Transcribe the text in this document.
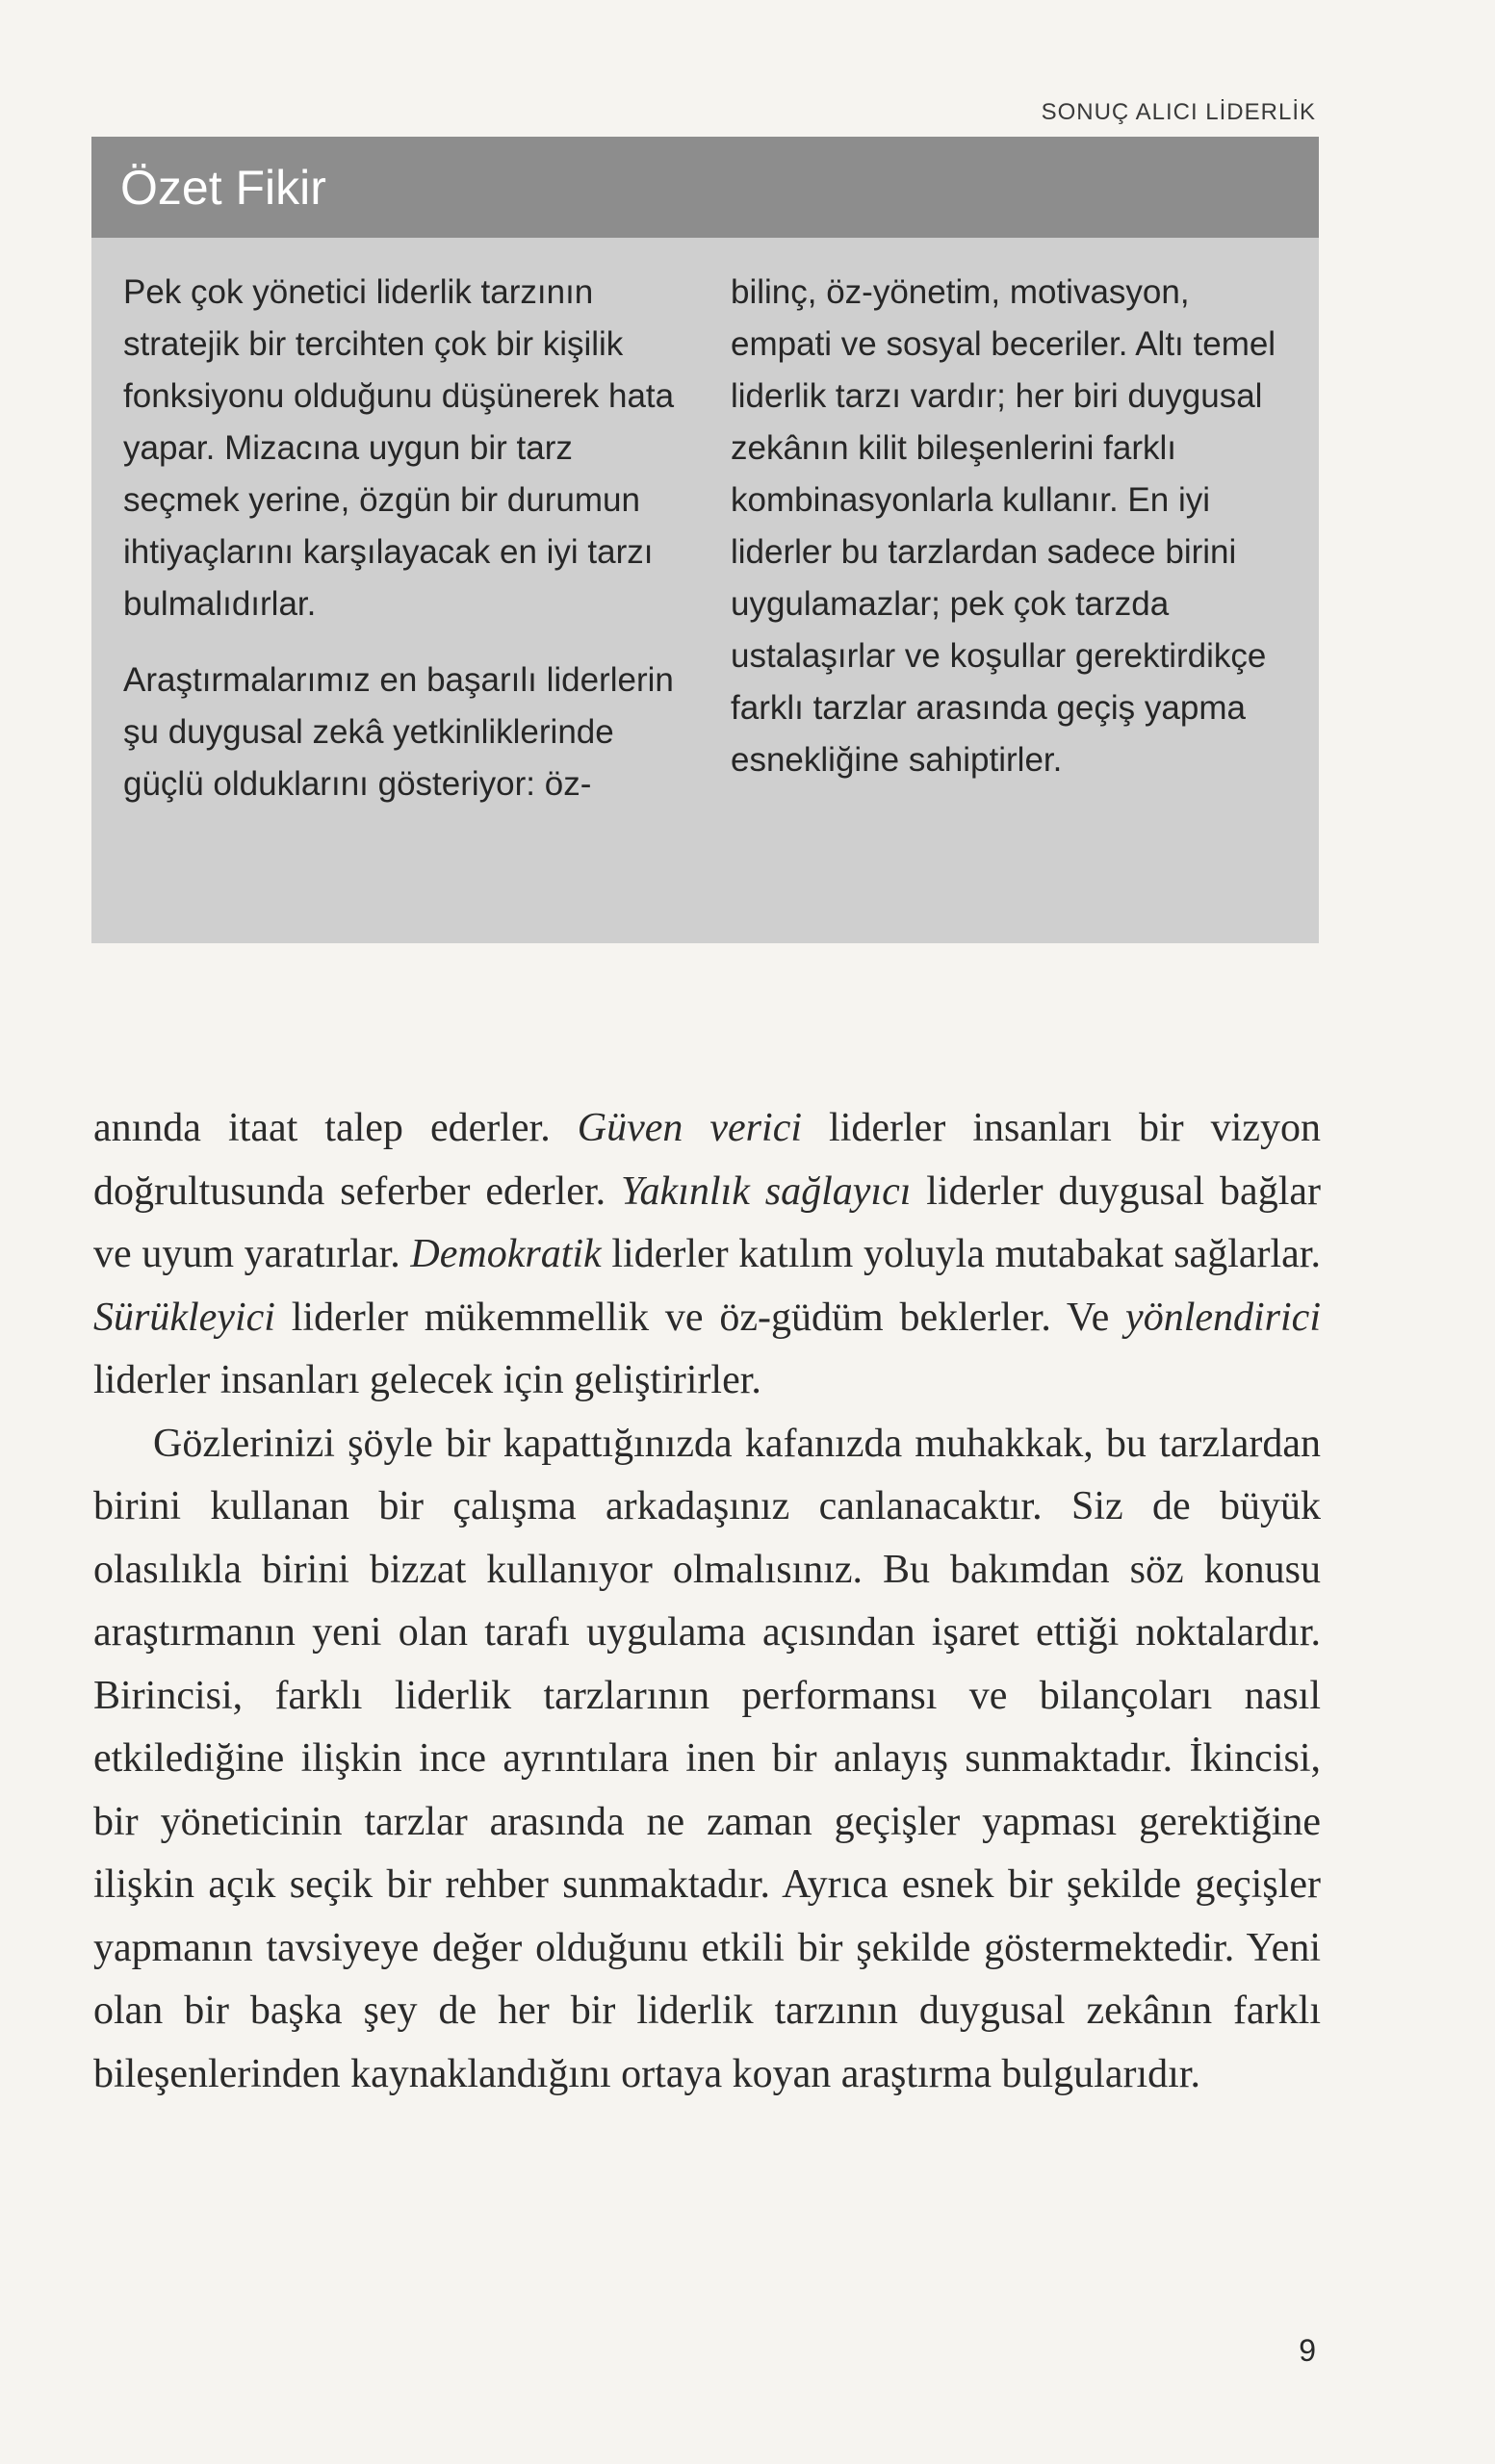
SONUÇ ALICI LİDERLİK
Özet Fikir

Pek çok yönetici liderlik tarzının stratejik bir tercihten çok bir kişilik fonksiyonu olduğunu düşünerek hata yapar. Mizacına uygun bir tarz seçmek yerine, özgün bir durumun ihtiyaçlarını karşılayacak en iyi tarzı bulmalıdırlar.

Araştırmalarımız en başarılı liderlerin şu duygusal zekâ yetkinliklerinde güçlü olduklarını gösteriyor: öz-

bilinç, öz-yönetim, motivasyon, empati ve sosyal beceriler. Altı temel liderlik tarzı vardır; her biri duygusal zekânın kilit bileşenlerini farklı kombinasyonlarla kullanır. En iyi liderler bu tarzlardan sadece birini uygulamazlar; pek çok tarzda ustalaşırlar ve koşullar gerektirdikçe farklı tarzlar arasında geçiş yapma esnekliğine sahiptirler.

anında itaat talep ederler. Güven verici liderler insanları bir vizyon doğrultusunda seferber ederler. Yakınlık sağlayıcı liderler duygusal bağlar ve uyum yaratırlar. Demokratik liderler katılım yoluyla mutabakat sağlarlar. Sürükleyici liderler mükemmellik ve öz-güdüm beklerler. Ve yönlendirici liderler insanları gelecek için geliştirirler.

Gözlerinizi şöyle bir kapattığınızda kafanızda muhakkak, bu tarzlardan birini kullanan bir çalışma arkadaşınız canlanacaktır. Siz de büyük olasılıkla birini bizzat kullanıyor olmalısınız. Bu bakımdan söz konusu araştırmanın yeni olan tarafı uygulama açısından işaret ettiği noktalardır. Birincisi, farklı liderlik tarzlarının performansı ve bilançoları nasıl etkilediğine ilişkin ince ayrıntılara inen bir anlayış sunmaktadır. İkincisi, bir yöneticinin tarzlar arasında ne zaman geçişler yapması gerektiğine ilişkin açık seçik bir rehber sunmaktadır. Ayrıca esnek bir şekilde geçişler yapmanın tavsiyeye değer olduğunu etkili bir şekilde göstermektedir. Yeni olan bir başka şey de her bir liderlik tarzının duygusal zekânın farklı bileşenlerinden kaynaklandığını ortaya koyan araştırma bulgularıdır.

9
